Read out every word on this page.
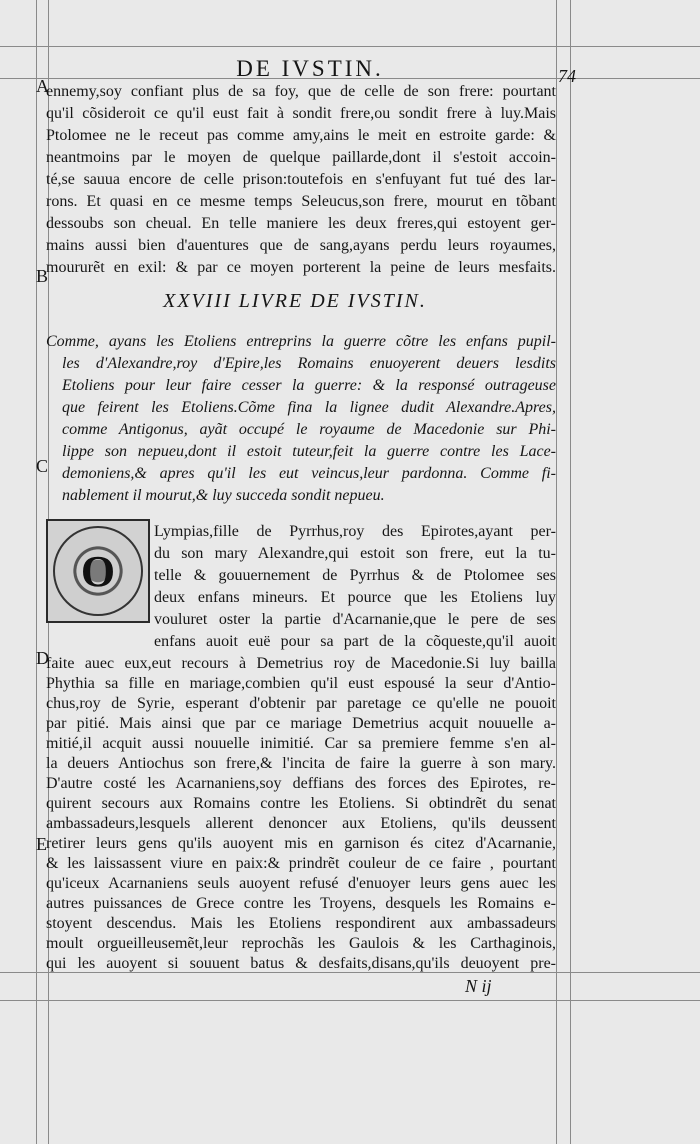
DE IVSTIN.	74
A
B
C
D
E
ennemy,soy confiant plus de sa foy, que de celle de son frere: pourtant
qu'il cõsideroit ce qu'il eust fait à sondit frere,ou sondit frere à luy.Mais
Ptolomee ne le receut pas comme amy,ains le meit en estroite garde: &
neantmoins par le moyen de quelque paillarde,dont il s'estoit accoin-
té,se sauua encore de celle prison:toutefois en s'enfuyant fut tué des lar-
rons. Et quasi en ce mesme temps Seleucus,son frere, mourut en tõbant
dessoubs son cheual. En telle maniere les deux freres,qui estoyent ger-
mains aussi bien d'auentures que de sang,ayans perdu leurs royaumes,
moururẽt en exil: & par ce moyen porterent la peine de leurs mesfaits.
XXVIII LIVRE DE IVSTIN.
Comme, ayans les Etoliens entreprins la guerre cõtre les enfans pupil-
les d'Alexandre,roy d'Epire,les Romains enuoyerent deuers lesdits
Etoliens pour leur faire cesser la guerre: & la responsé outrageuse
que feirent les Etoliens.Cõme fina la lignee dudit Alexandre.Apres,
comme Antigonus, ayãt occupé le royaume de Macedonie sur Phi-
lippe son nepueu,dont il estoit tuteur,feit la guerre contre les Lace-
demoniens,& apres qu'il les eut veincus,leur pardonna. Comme fi-
nablement il mourut,& luy succeda sondit nepueu.
O
Lympias,fille de Pyrrhus,roy des Epirotes,ayant per-
du son mary Alexandre,qui estoit son frere, eut la tu-
telle & gouuernement de Pyrrhus & de Ptolomee ses
deux enfans mineurs. Et pource que les Etoliens luy
vouluret oster la partie d'Acarnanie,que le pere de ses
enfans auoit euë pour sa part de la cõqueste,qu'il auoit
faite auec eux,eut recours à Demetrius roy de Macedonie.Si luy bailla
Phythia sa fille en mariage,combien qu'il eust espousé la seur d'Antio-
chus,roy de Syrie, esperant d'obtenir par paretage ce qu'elle ne pouoit
par pitié. Mais ainsi que par ce mariage Demetrius acquit nouuelle a-
mitié,il acquit aussi nouuelle inimitié. Car sa premiere femme s'en al-
la deuers Antiochus son frere,& l'incita de faire la guerre à son mary.
D'autre costé les Acarnaniens,soy deffians des forces des Epirotes, re-
quirent secours aux Romains contre les Etoliens. Si obtindrẽt du senat
ambassadeurs,lesquels allerent denoncer aux Etoliens, qu'ils deussent
retirer leurs gens qu'ils auoyent mis en garnison és citez d'Acarnanie,
& les laissassent viure en paix:& prindrẽt couleur de ce faire , pourtant
qu'iceux Acarnaniens seuls auoyent refusé d'enuoyer leurs gens auec les
autres puissances de Grece contre les Troyens, desquels les Romains e-
stoyent descendus. Mais les Etoliens respondirent aux ambassadeurs
moult orgueilleusemẽt,leur reprochãs les Gaulois & les Carthaginois,
qui les auoyent si souuent batus & desfaits,disans,qu'ils deuoyent pre-
N ij
